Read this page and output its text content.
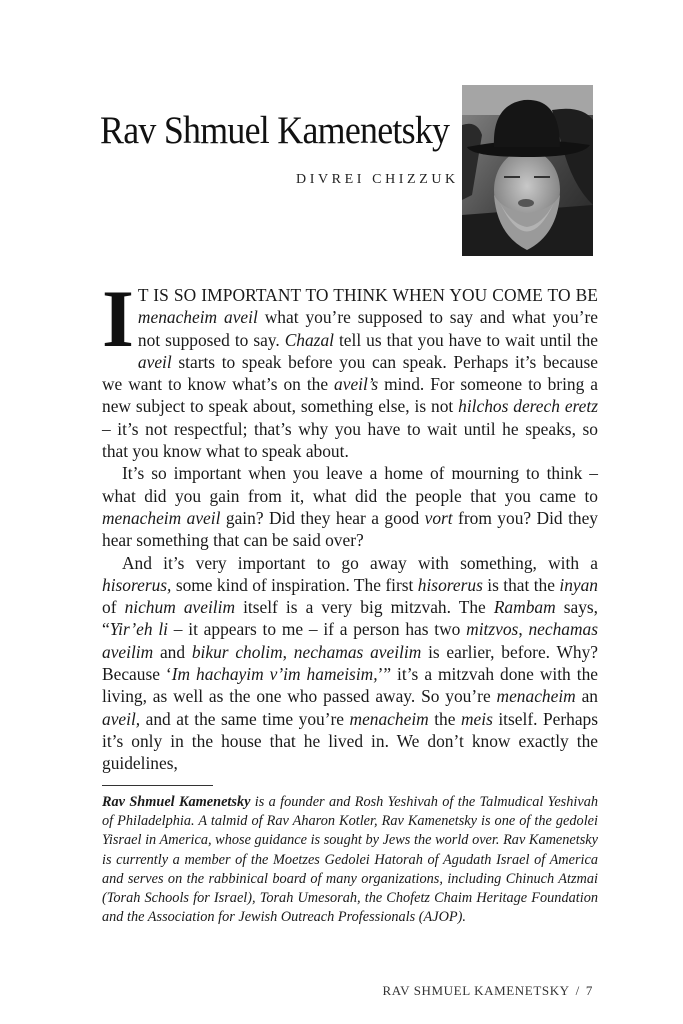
Rav Shmuel Kamenetsky
DIVREI CHIZZUK

I T IS SO IMPORTANT TO THINK WHEN YOU COME TO BE menacheim aveil what you’re supposed to say and what you’re not supposed to say. Chazal tell us that you have to wait until the aveil starts to speak before you can speak. Perhaps it’s because we want to know what’s on the aveil’s mind. For someone to bring a new subject to speak about, something else, is not hilchos derech eretz – it’s not respectful; that’s why you have to wait until he speaks, so that you know what to speak about.

It’s so important when you leave a home of mourning to think – what did you gain from it, what did the people that you came to menacheim aveil gain? Did they hear a good vort from you? Did they hear something that can be said over?

And it’s very important to go away with something, with a hisorerus, some kind of inspiration. The first hisorerus is that the inyan of nichum aveilim itself is a very big mitzvah. The Rambam says, “Yir’eh li – it appears to me – if a person has two mitzvos, nechamas aveilim and bikur cholim, nechamas aveilim is earlier, before. Why? Because ‘Im hachayim v’im hameisim,’” it’s a mitzvah done with the living, as well as the one who passed away. So you’re menacheim an aveil, and at the same time you’re menacheim the meis itself. Perhaps it’s only in the house that he lived in. We don’t know exactly the guidelines,

Rav Shmuel Kamenetsky is a founder and Rosh Yeshivah of the Talmudical Yeshivah of Philadelphia. A talmid of Rav Aharon Kotler, Rav Kamenetsky is one of the gedolei Yisrael in America, whose guidance is sought by Jews the world over. Rav Kamenetsky is currently a member of the Moetzes Gedolei Hatorah of Agudath Israel of America and serves on the rabbinical board of many organizations, including Chinuch Atzmai (Torah Schools for Israel), Torah Umesorah, the Chofetz Chaim Heritage Foundation and the Association for Jewish Outreach Professionals (AJOP).
RAV SHMUEL KAMENETSKY / 7
